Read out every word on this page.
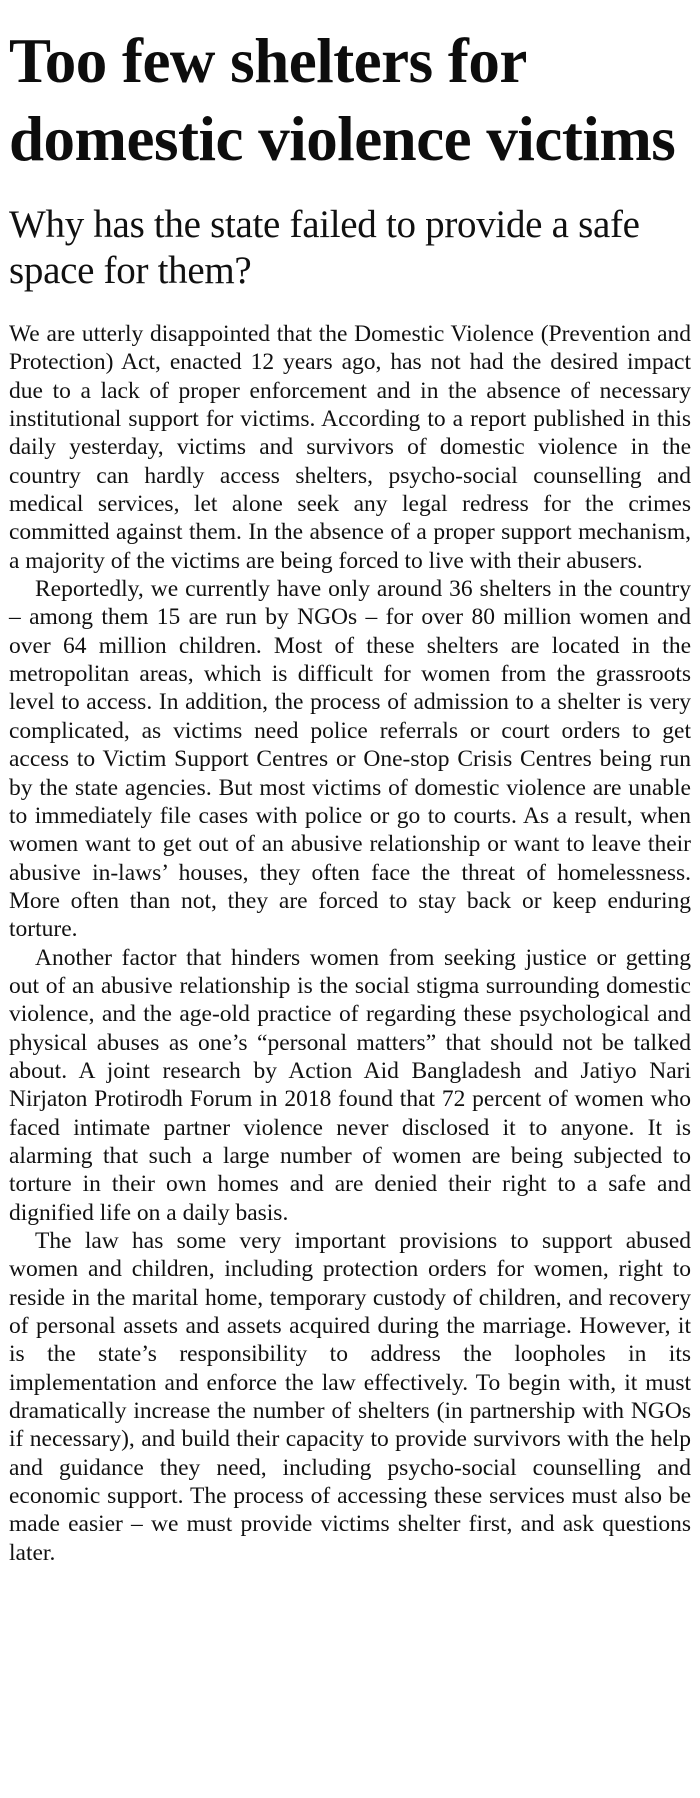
Too few shelters for domestic violence victims
Why has the state failed to provide a safe space for them?

We are utterly disappointed that the Domestic Violence (Prevention and Protection) Act, enacted 12 years ago, has not had the desired impact due to a lack of proper enforcement and in the absence of necessary institutional support for victims. According to a report published in this daily yesterday, victims and survivors of domestic violence in the country can hardly access shelters, psycho-social counselling and medical services, let alone seek any legal redress for the crimes committed against them. In the absence of a proper support mechanism, a majority of the victims are being forced to live with their abusers.

Reportedly, we currently have only around 36 shelters in the country – among them 15 are run by NGOs – for over 80 million women and over 64 million children. Most of these shelters are located in the metropolitan areas, which is difficult for women from the grassroots level to access. In addition, the process of admission to a shelter is very complicated, as victims need police referrals or court orders to get access to Victim Support Centres or One-stop Crisis Centres being run by the state agencies. But most victims of domestic violence are unable to immediately file cases with police or go to courts. As a result, when women want to get out of an abusive relationship or want to leave their abusive in-laws’ houses, they often face the threat of homelessness. More often than not, they are forced to stay back or keep enduring torture.

Another factor that hinders women from seeking justice or getting out of an abusive relationship is the social stigma surrounding domestic violence, and the age-old practice of regarding these psychological and physical abuses as one’s “personal matters” that should not be talked about. A joint research by Action Aid Bangladesh and Jatiyo Nari Nirjaton Protirodh Forum in 2018 found that 72 percent of women who faced intimate partner violence never disclosed it to anyone. It is alarming that such a large number of women are being subjected to torture in their own homes and are denied their right to a safe and dignified life on a daily basis.

The law has some very important provisions to support abused women and children, including protection orders for women, right to reside in the marital home, temporary custody of children, and recovery of personal assets and assets acquired during the marriage. However, it is the state’s responsibility to address the loopholes in its implementation and enforce the law effectively. To begin with, it must dramatically increase the number of shelters (in partnership with NGOs if necessary), and build their capacity to provide survivors with the help and guidance they need, including psycho-social counselling and economic support. The process of accessing these services must also be made easier – we must provide victims shelter first, and ask questions later.
